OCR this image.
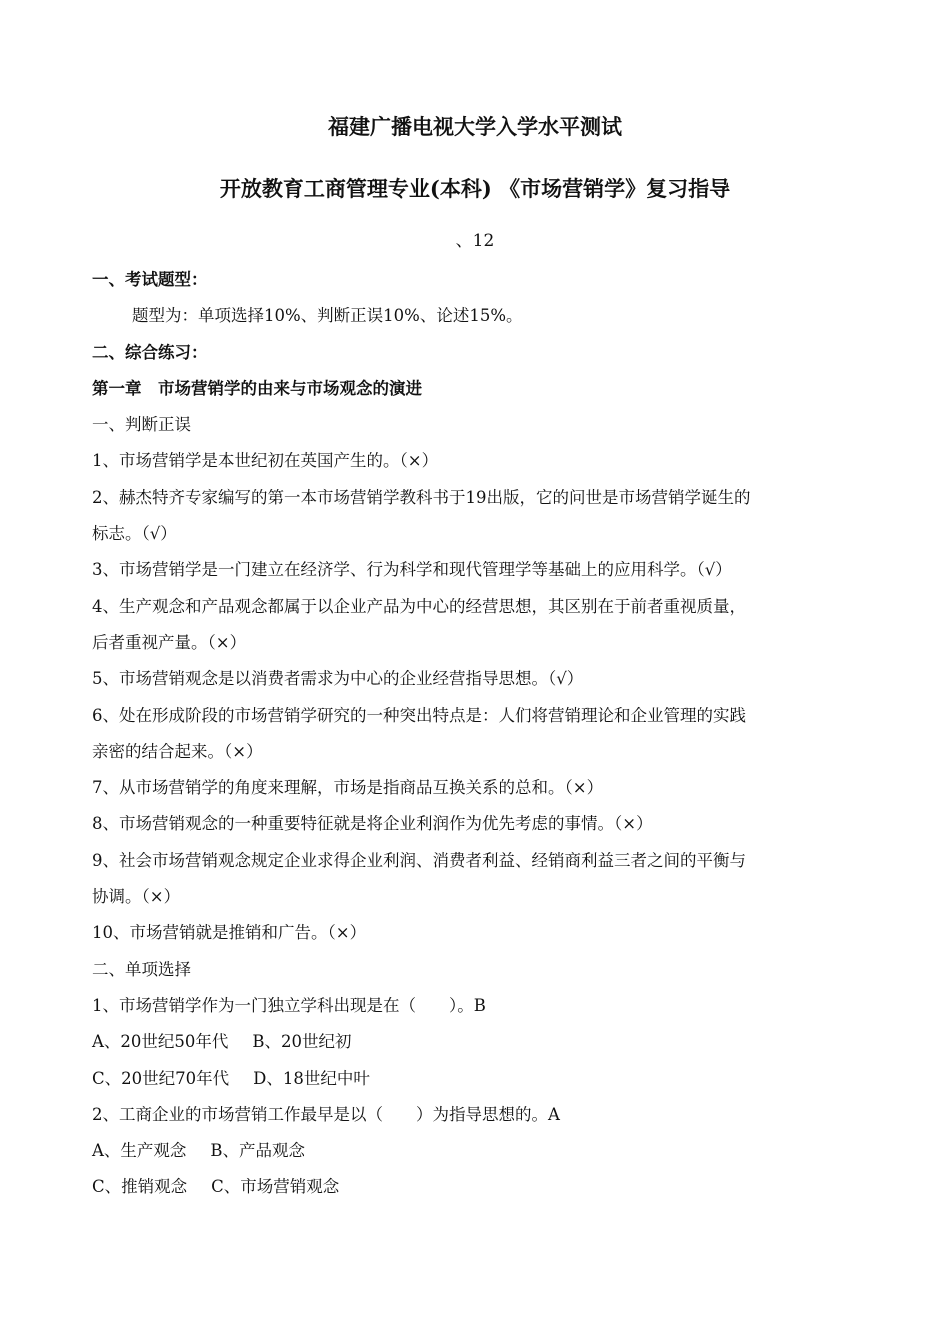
福建广播电视大学入学水平测试
开放教育工商管理专业(本科) 《市场营销学》复习指导
、12
一、考试题型：
题型为：单项选择10%、判断正误10%、论述15%。
二、综合练习：
第一章　市场营销学的由来与市场观念的演进
一、判断正误
1、市场营销学是本世纪初在英国产生的。（×）
2、赫杰特齐专家编写的第一本市场营销学教科书于19出版，它的问世是市场营销学诞生的
标志。（√）
3、市场营销学是一门建立在经济学、行为科学和现代管理学等基础上的应用科学。（√）
4、生产观念和产品观念都属于以企业产品为中心的经营思想，其区别在于前者重视质量，
后者重视产量。（×）
5、市场营销观念是以消费者需求为中心的企业经营指导思想。（√）
6、处在形成阶段的市场营销学研究的一种突出特点是：人们将营销理论和企业管理的实践
亲密的结合起来。（×）
7、从市场营销学的角度来理解，市场是指商品互换关系的总和。（×）
8、市场营销观念的一种重要特征就是将企业利润作为优先考虑的事情。（×）
9、社会市场营销观念规定企业求得企业利润、消费者利益、经销商利益三者之间的平衡与
协调。（×）
10、市场营销就是推销和广告。（×）
二、单项选择
1、市场营销学作为一门独立学科出现是在（　　）。B
A、20世纪50年代 B、20世纪初
C、20世纪70年代 D、18世纪中叶
2、工商企业的市场营销工作最早是以（　　）为指导思想的。A
A、生产观念 B、产品观念
C、推销观念 C、市场营销观念
